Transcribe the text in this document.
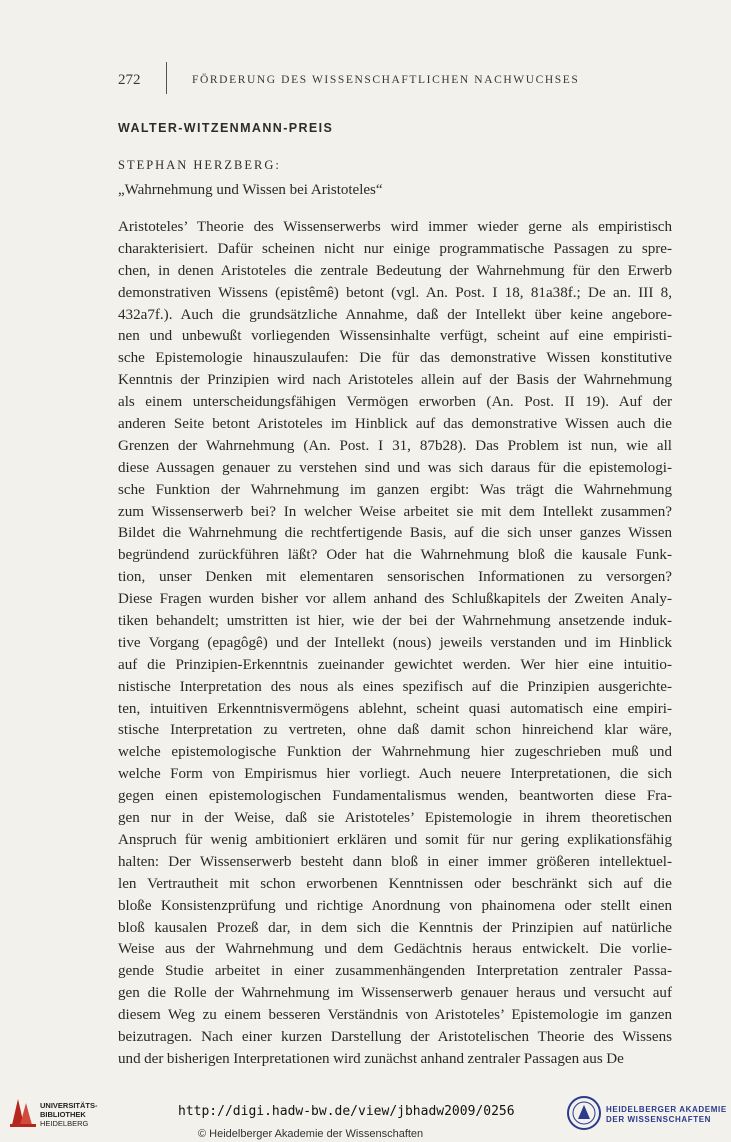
272	FÖRDERUNG DES WISSENSCHAFTLICHEN NACHWUCHSES
WALTER-WITZENMANN-PREIS
STEPHAN HERZBERG:
„Wahrnehmung und Wissen bei Aristoteles“
Aristoteles’ Theorie des Wissenserwerbs wird immer wieder gerne als empiristisch
charakterisiert. Dafür scheinen nicht nur einige programmatische Passagen zu spre-
chen, in denen Aristoteles die zentrale Bedeutung der Wahrnehmung für den Erwerb
demonstrativen Wissens (epistêmê) betont (vgl. An. Post. I 18, 81a38f.; De an. III 8,
432a7f.). Auch die grundsätzliche Annahme, daß der Intellekt über keine angebore-
nen und unbewußt vorliegenden Wissensinhalte verfügt, scheint auf eine empiristi-
sche Epistemologie hinauszulaufen: Die für das demonstrative Wissen konstitutive
Kenntnis der Prinzipien wird nach Aristoteles allein auf der Basis der Wahrnehmung
als einem unterscheidungsfähigen Vermögen erworben (An. Post. II 19). Auf der
anderen Seite betont Aristoteles im Hinblick auf das demonstrative Wissen auch die
Grenzen der Wahrnehmung (An. Post. I 31, 87b28). Das Problem ist nun, wie all
diese Aussagen genauer zu verstehen sind und was sich daraus für die epistemologi-
sche Funktion der Wahrnehmung im ganzen ergibt: Was trägt die Wahrnehmung
zum Wissenserwerb bei? In welcher Weise arbeitet sie mit dem Intellekt zusammen?
Bildet die Wahrnehmung die rechtfertigende Basis, auf die sich unser ganzes Wissen
begründend zurückführen läßt? Oder hat die Wahrnehmung bloß die kausale Funk-
tion, unser Denken mit elementaren sensorischen Informationen zu versorgen?
Diese Fragen wurden bisher vor allem anhand des Schlußkapitels der Zweiten Analy-
tiken behandelt; umstritten ist hier, wie der bei der Wahrnehmung ansetzende induk-
tive Vorgang (epagôgê) und der Intellekt (nous) jeweils verstanden und im Hinblick
auf die Prinzipien-Erkenntnis zueinander gewichtet werden. Wer hier eine intuitio-
nistische Interpretation des nous als eines spezifisch auf die Prinzipien ausgerichte-
ten, intuitiven Erkenntnisvermögens ablehnt, scheint quasi automatisch eine empiri-
stische Interpretation zu vertreten, ohne daß damit schon hinreichend klar wäre,
welche epistemologische Funktion der Wahrnehmung hier zugeschrieben muß und
welche Form von Empirismus hier vorliegt. Auch neuere Interpretationen, die sich
gegen einen epistemologischen Fundamentalismus wenden, beantworten diese Fra-
gen nur in der Weise, daß sie Aristoteles’ Epistemologie in ihrem theoretischen
Anspruch für wenig ambitioniert erklären und somit für nur gering explikationsfähig
halten: Der Wissenserwerb besteht dann bloß in einer immer größeren intellektuel-
len Vertrautheit mit schon erworbenen Kenntnissen oder beschränkt sich auf die
bloße Konsistenzprüfung und richtige Anordnung von phainomena oder stellt einen
bloß kausalen Prozeß dar, in dem sich die Kenntnis der Prinzipien auf natürliche
Weise aus der Wahrnehmung und dem Gedächtnis heraus entwickelt. Die vorlie-
gende Studie arbeitet in einer zusammenhängenden Interpretation zentraler Passa-
gen die Rolle der Wahrnehmung im Wissenserwerb genauer heraus und versucht auf
diesem Weg zu einem besseren Verständnis von Aristoteles’ Epistemologie im ganzen
beizutragen. Nach einer kurzen Darstellung der Aristotelischen Theorie des Wissens
und der bisherigen Interpretationen wird zunächst anhand zentraler Passagen aus De
UNIVERSITÄTS-
BIBLIOTHEK
HEIDELBERG
http://digi.hadw-bw.de/view/jbhadw2009/0256
© Heidelberger Akademie der Wissenschaften
HEIDELBERGER AKADEMIE
DER WISSENSCHAFTEN
